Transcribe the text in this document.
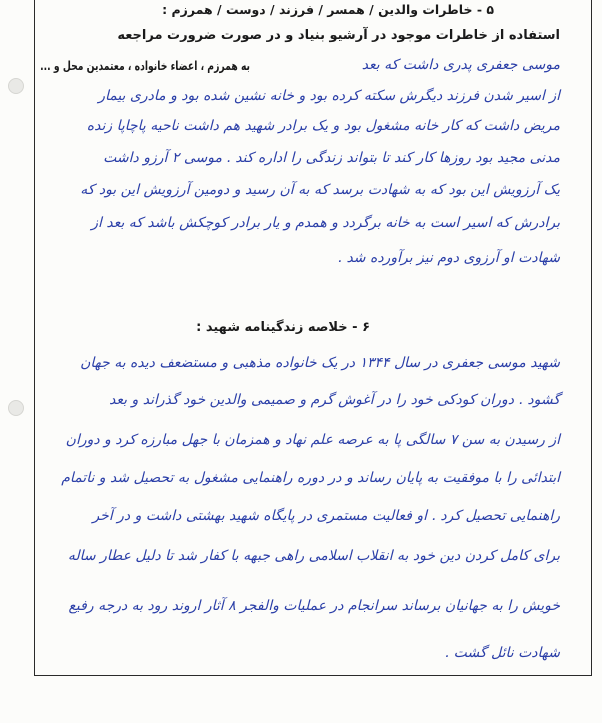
۵ - خاطرات والدین / همسر / فرزند / دوست / همرزم :
استفاده از خاطرات موجود در آرشیو بنیاد و در صورت ضرورت مراجعه
به همرزم ، اعضاء خانواده ، معتمدین محل و ...	موسی جعفری پدری داشت که بعد
از اسیر شدن فرزند دیگرش سکته کرده بود و خانه نشین شده بود و مادری بیمار
مریض داشت که کار خانه مشغول بود و یک برادر شهید هم داشت ناحیه پاچاپا زنده
مدنی مجید بود روزها کار کند تا بتواند زندگی را اداره کند . موسی ۲ آرزو داشت
یک آرزویش این بود که به شهادت برسد که به آن رسید و دومین آرزویش این بود که
برادرش که اسیر است به خانه برگردد و همدم و یار برادر کوچکش باشد که بعد از
شهادت او آرزوی دوم نیز برآورده شد .
۶ - خلاصه زندگینامه شهید :
شهید موسی جعفری در سال ۱۳۴۴ در یک خانواده مذهبی و مستضعف دیده به جهان
گشود . دوران کودکی خود را در آغوش گرم و صمیمی والدین خود گذراند و بعد
از رسیدن به سن ۷ سالگی پا به عرصه علم نهاد و همزمان با جهل مبارزه کرد و دوران
ابتدائی را با موفقیت به پایان رساند و در دوره راهنمایی مشغول به تحصیل شد و ناتمام
راهنمایی تحصیل کرد . او فعالیت مستمری در پایگاه شهید بهشتی داشت و در آخر
برای کامل کردن دین خود به انقلاب اسلامی راهی جبهه با کفار شد تا دلیل عطار ساله
خویش را به جهانیان برساند سرانجام در عملیات والفجر ۸ آثار اروند رود به درجه رفیع
شهادت نائل گشت .
